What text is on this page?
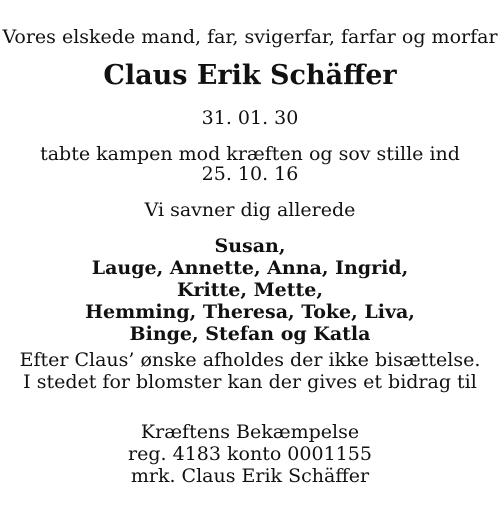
Vores elskede mand, far, svigerfar, farfar og morfar
Claus Erik Schäffer
31. 01. 30
tabte kampen mod kræften og sov stille ind
25. 10. 16
Vi savner dig allerede
Susan,
Lauge, Annette, Anna, Ingrid,
Kritte, Mette,
Hemming, Theresa, Toke, Liva,
Binge, Stefan og Katla
Efter Claus’ ønske afholdes der ikke bisættelse.
I stedet for blomster kan der gives et bidrag til
Kræftens Bekæmpelse
reg. 4183 konto 0001155
mrk. Claus Erik Schäffer
